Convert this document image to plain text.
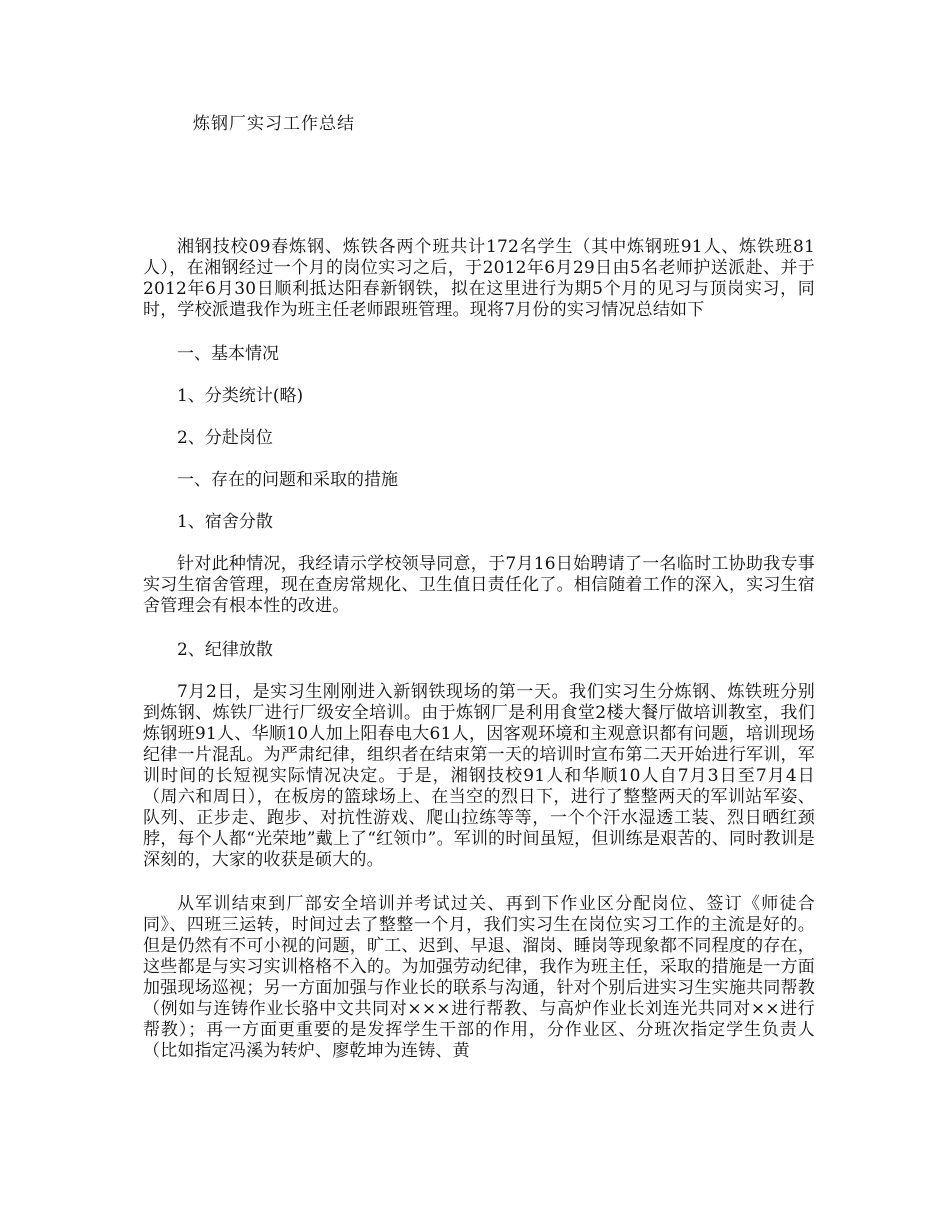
炼钢厂实习工作总结

湘钢技校09春炼钢、炼铁各两个班共计172名学生（其中炼钢班91人、炼铁班81人），在湘钢经过一个月的岗位实习之后，于2012年6月29日由5名老师护送派赴、并于2012年6月30日顺利抵达阳春新钢铁，拟在这里进行为期5个月的见习与顶岗实习，同时，学校派遣我作为班主任老师跟班管理。现将7月份的实习情况总结如下

一、基本情况

1、分类统计(略)

2、分赴岗位

一、存在的问题和采取的措施

1、宿舍分散

针对此种情况，我经请示学校领导同意，于7月16日始聘请了一名临时工协助我专事实习生宿舍管理，现在查房常规化、卫生值日责任化了。相信随着工作的深入，实习生宿舍管理会有根本性的改进。

2、纪律放散

7月2日，是实习生刚刚进入新钢铁现场的第一天。我们实习生分炼钢、炼铁班分别到炼钢、炼铁厂进行厂级安全培训。由于炼钢厂是利用食堂2楼大餐厅做培训教室，我们炼钢班91人、华顺10人加上阳春电大61人，因客观环境和主观意识都有问题，培训现场纪律一片混乱。为严肃纪律，组织者在结束第一天的培训时宣布第二天开始进行军训，军训时间的长短视实际情况决定。于是，湘钢技校91人和华顺10人自7月3日至7月4日（周六和周日），在板房的篮球场上、在当空的烈日下，进行了整整两天的军训站军姿、队列、正步走、跑步、对抗性游戏、爬山拉练等等，一个个汗水湿透工装、烈日晒红颈脖，每个人都“光荣地”戴上了“红领巾”。军训的时间虽短，但训练是艰苦的、同时教训是深刻的，大家的收获是硕大的。

从军训结束到厂部安全培训并考试过关、再到下作业区分配岗位、签订《师徒合同》、四班三运转，时间过去了整整一个月，我们实习生在岗位实习工作的主流是好的。但是仍然有不可小视的问题，旷工、迟到、早退、溜岗、睡岗等现象都不同程度的存在，这些都是与实习实训格格不入的。为加强劳动纪律，我作为班主任，采取的措施是一方面加强现场巡视；另一方面加强与作业长的联系与沟通，针对个别后进实习生实施共同帮教（例如与连铸作业长骆中文共同对×××进行帮教、与高炉作业长刘连光共同对××进行帮教）；再一方面更重要的是发挥学生干部的作用，分作业区、分班次指定学生负责人（比如指定冯溪为转炉、廖乾坤为连铸、黄
